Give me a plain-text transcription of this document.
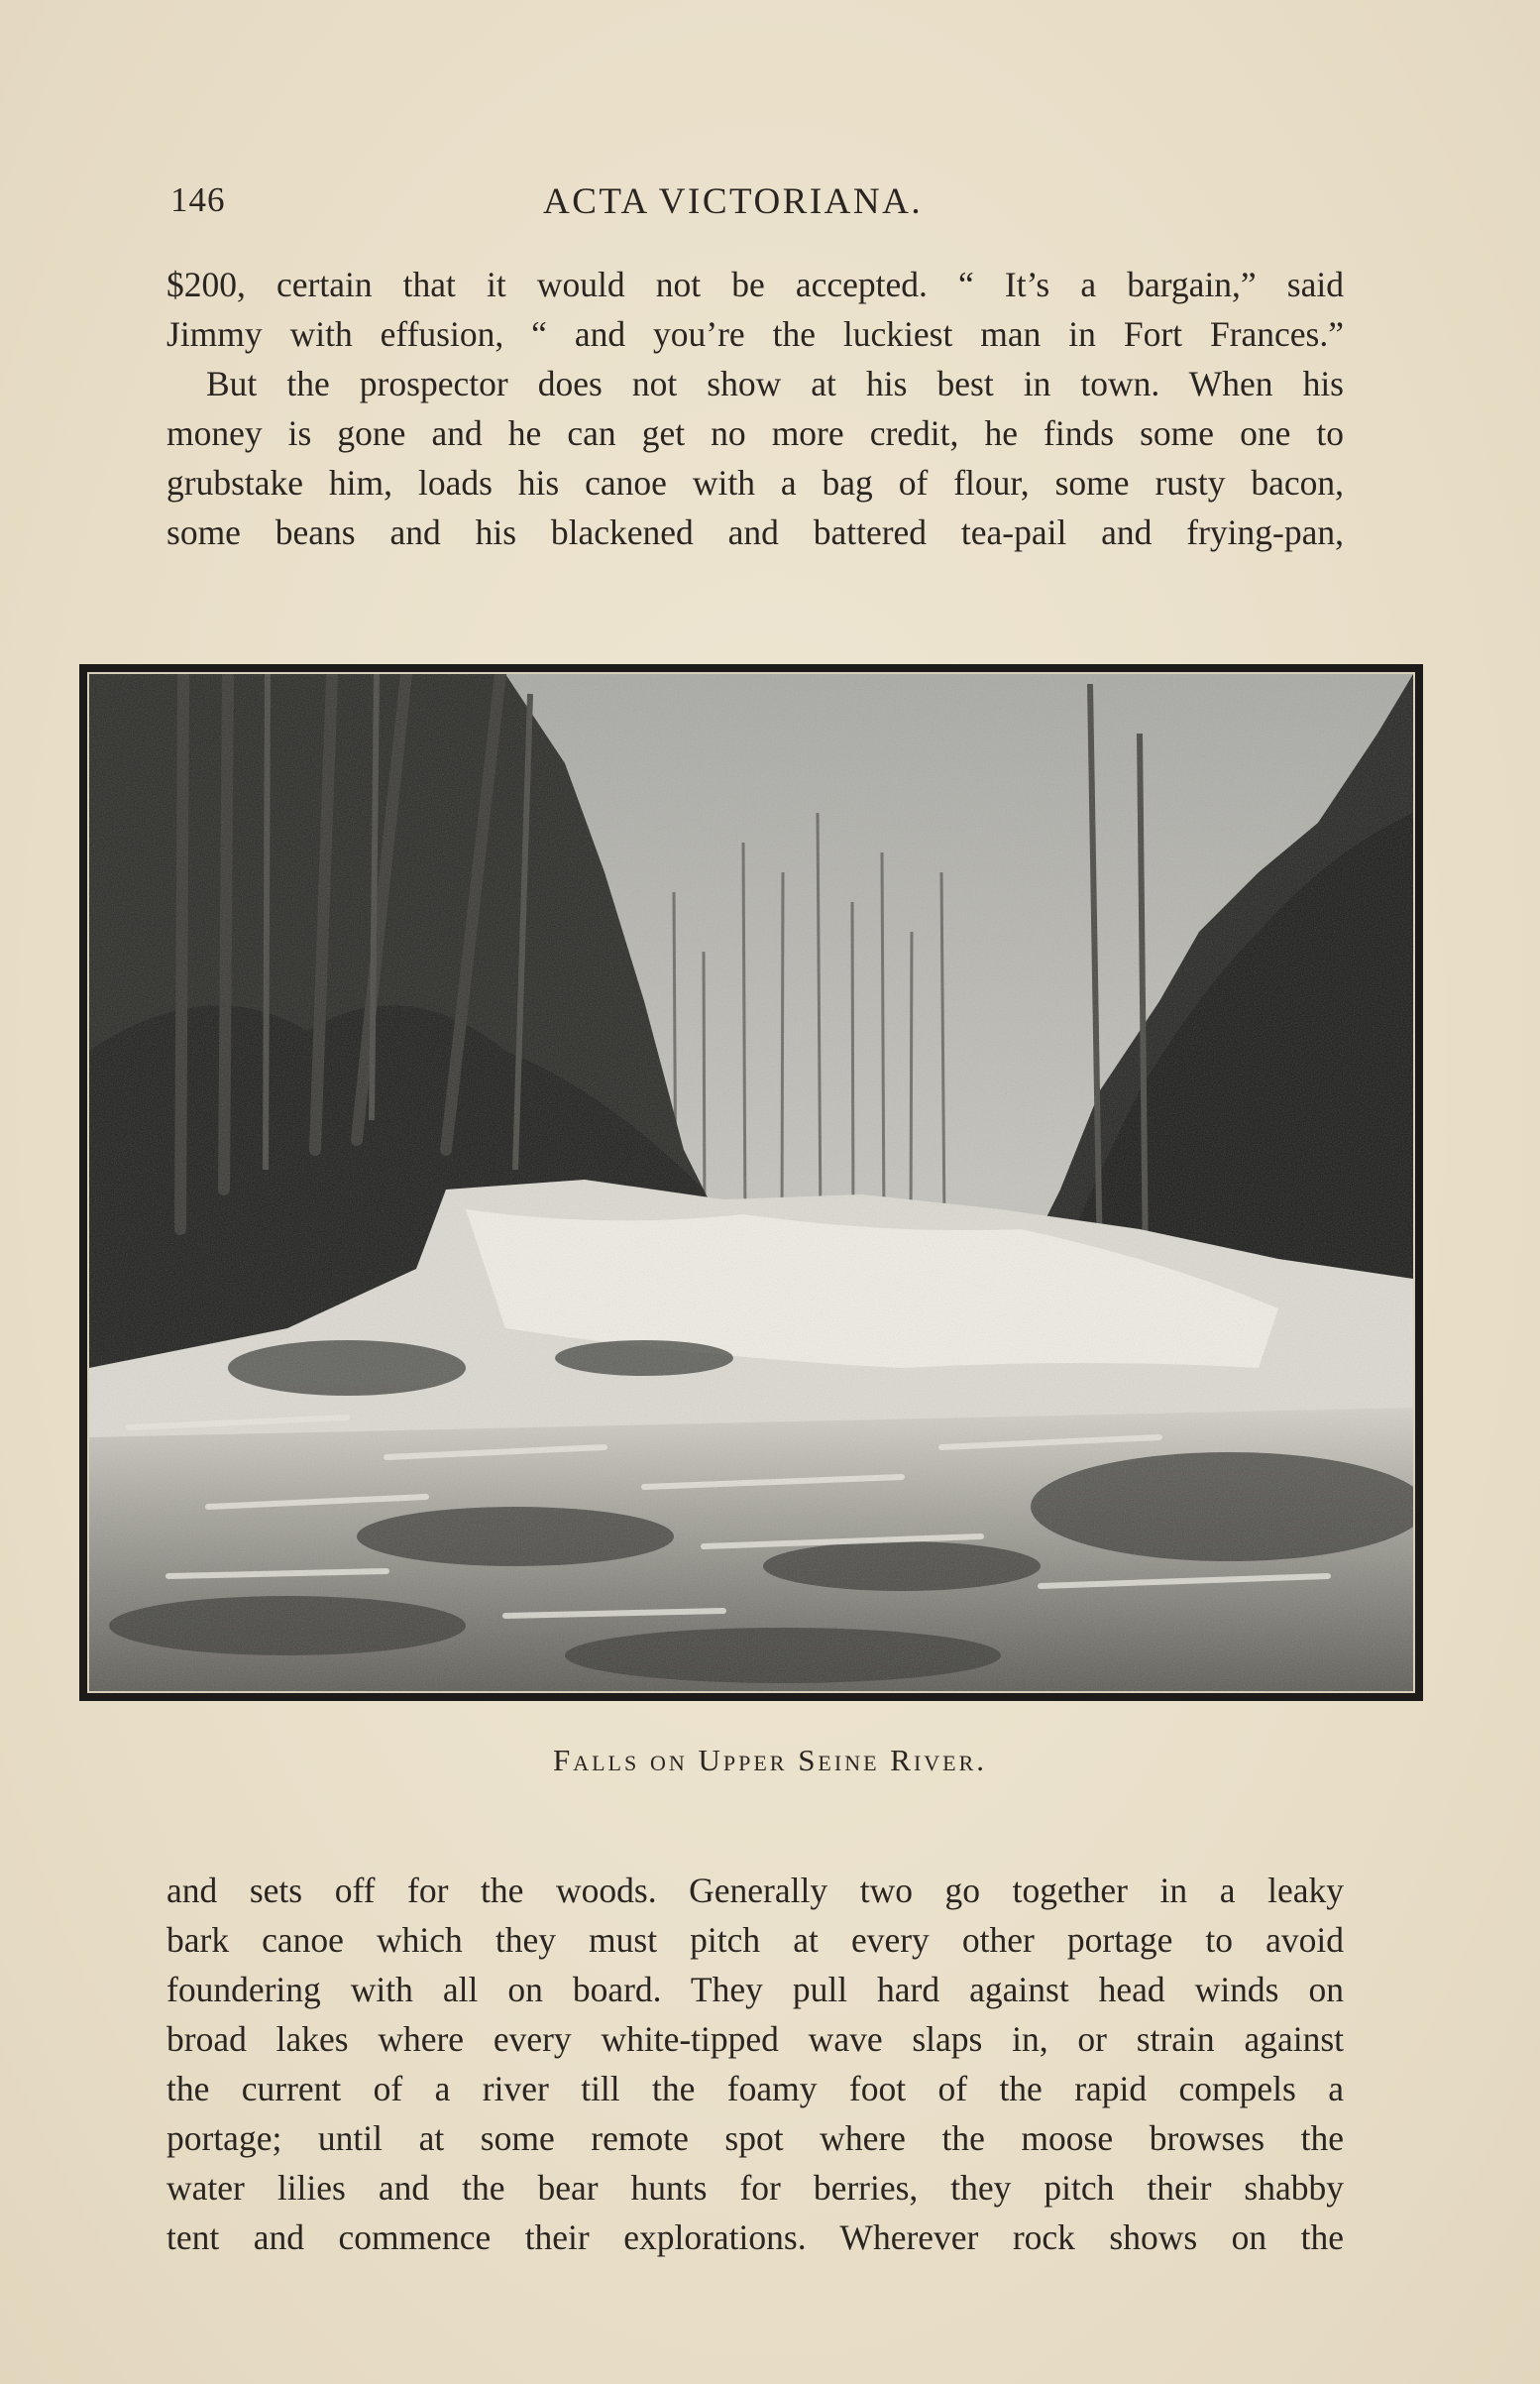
146	ACTA VICTORIANA.
$200, certain that it would not be accepted. “ It’s a bargain,” said
Jimmy with effusion, “ and you’re the luckiest man in Fort Frances.”
But the prospector does not show at his best in town. When his
money is gone and he can get no more credit, he finds some one to
grubstake him, loads his canoe with a bag of flour, some rusty bacon,
some beans and his blackened and battered tea-pail and frying-pan,
Falls on Upper Seine River.
and sets off for the woods. Generally two go together in a leaky
bark canoe which they must pitch at every other portage to avoid
foundering with all on board. They pull hard against head winds on
broad lakes where every white-tipped wave slaps in, or strain against
the current of a river till the foamy foot of the rapid compels a
portage; until at some remote spot where the moose browses the
water lilies and the bear hunts for berries, they pitch their shabby
tent and commence their explorations. Wherever rock shows on the
